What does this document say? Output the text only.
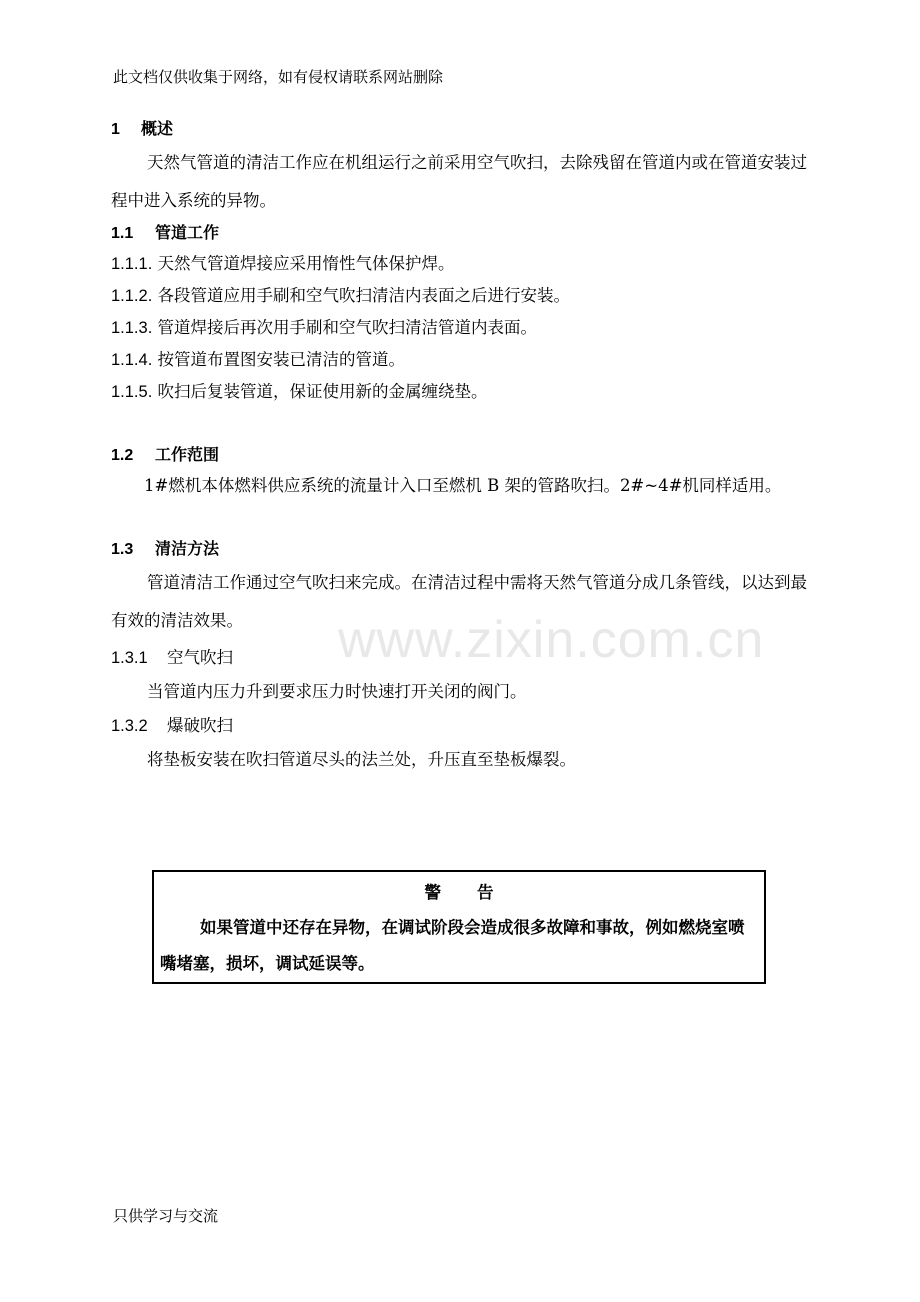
此文档仅供收集于网络，如有侵权请联系网站删除
www.zixin.com.cn
1 概述
天然气管道的清洁工作应在机组运行之前采用空气吹扫，去除残留在管道内或在管道安装过程中进入系统的异物。
1.1 管道工作
1.1.1. 天然气管道焊接应采用惰性气体保护焊。
1.1.2. 各段管道应用手刷和空气吹扫清洁内表面之后进行安装。
1.1.3. 管道焊接后再次用手刷和空气吹扫清洁管道内表面。
1.1.4. 按管道布置图安装已清洁的管道。
1.1.5. 吹扫后复装管道，保证使用新的金属缠绕垫。
1.2 工作范围
1#燃机本体燃料供应系统的流量计入口至燃机 B 架的管路吹扫。2#~4#机同样适用。
1.3 清洁方法
管道清洁工作通过空气吹扫来完成。在清洁过程中需将天然气管道分成几条管线，以达到最有效的清洁效果。
1.3.1 空气吹扫
当管道内压力升到要求压力时快速打开关闭的阀门。
1.3.2 爆破吹扫
将垫板安装在吹扫管道尽头的法兰处，升压直至垫板爆裂。
警告
如果管道中还存在异物，在调试阶段会造成很多故障和事故，例如燃烧室喷嘴堵塞，损坏，调试延误等。
只供学习与交流
